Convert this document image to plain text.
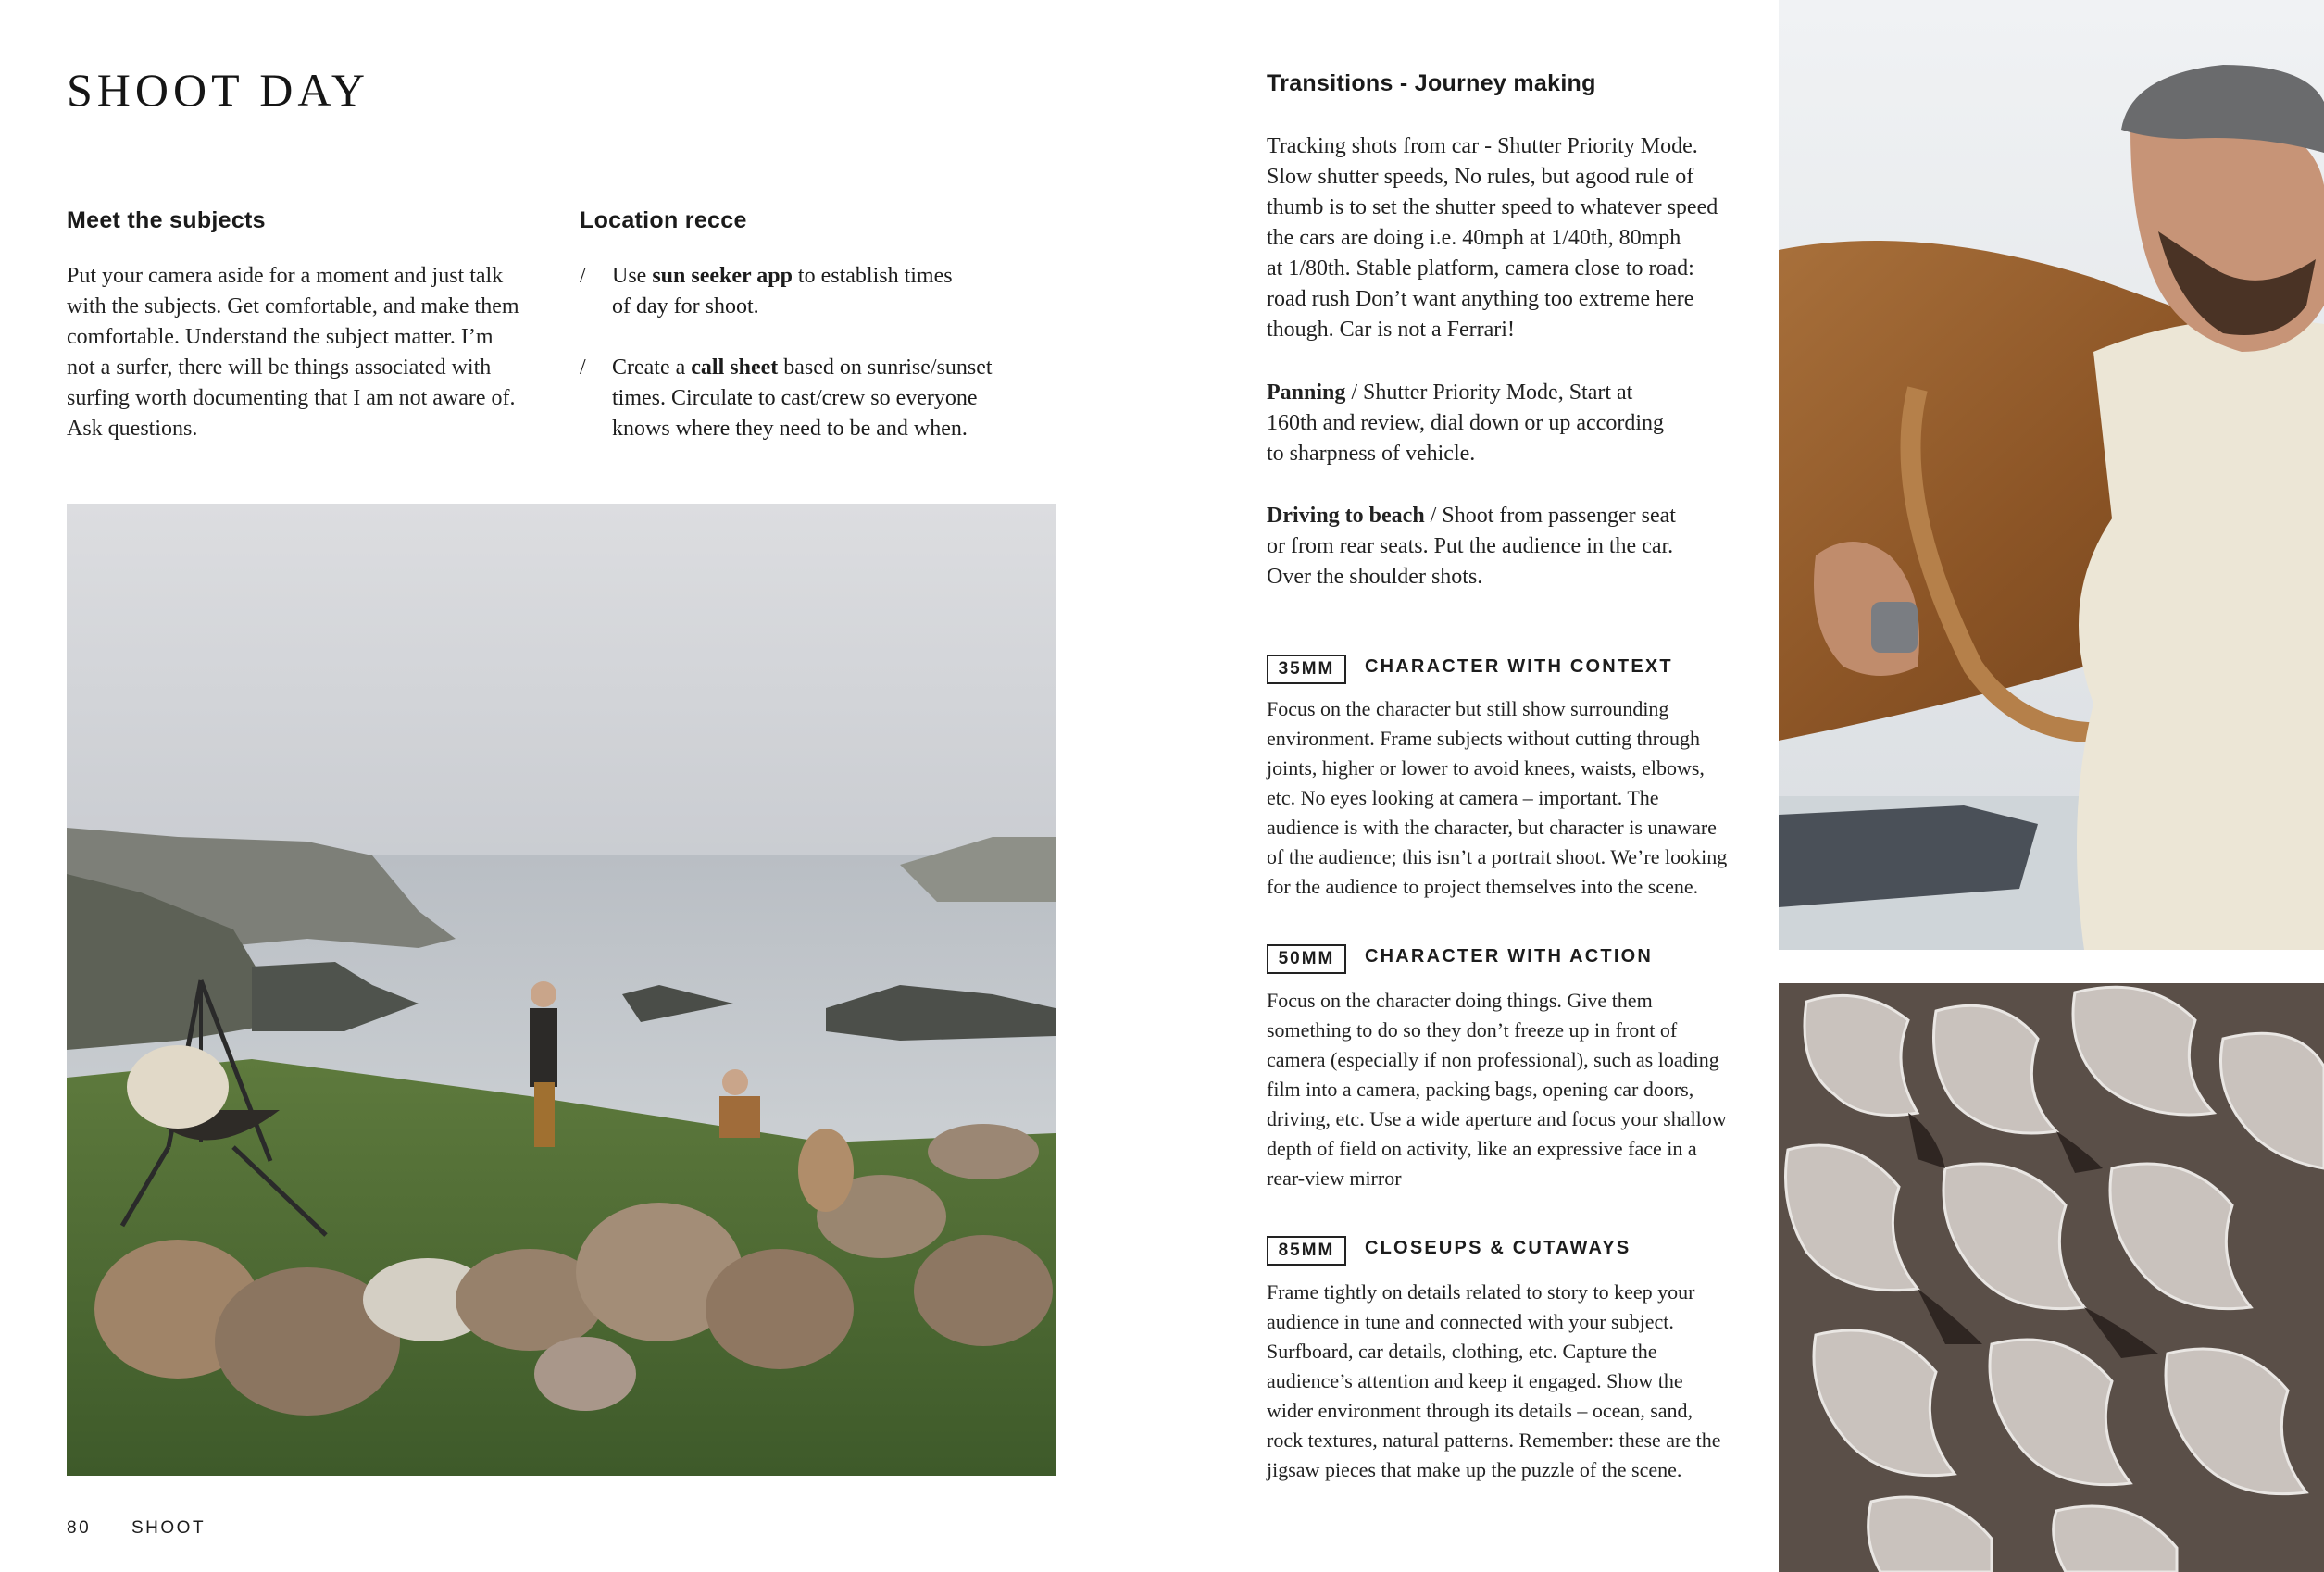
SHOOT DAY
Meet the subjects
Put your camera aside for a moment and just talk
with the subjects. Get comfortable, and make them
comfortable. Understand the subject matter. I’m
not a surfer, there will be things associated with
surfing worth documenting that I am not aware of.
Ask questions.
Location recce
/	Use sun seeker app to establish times
of day for shoot.
/	Create a call sheet based on sunrise/sunset
times. Circulate to cast/crew so everyone
knows where they need to be and when.
Transitions - Journey making
Tracking shots from car - Shutter Priority Mode.
Slow shutter speeds, No rules, but agood rule of
thumb is to set the shutter speed to whatever speed
the cars are doing i.e. 40mph at 1/40th, 80mph
at 1/80th. Stable platform, camera close to road:
road rush Don’t want anything too extreme here
though. Car is not a Ferrari!
Panning / Shutter Priority Mode, Start at
160th and review, dial down or up according
to sharpness of vehicle.
Driving to beach / Shoot from passenger seat
or from rear seats. Put the audience in the car.
Over the shoulder shots.
35MM	CHARACTER WITH CONTEXT
Focus on the character but still show surrounding
environment. Frame subjects without cutting through
joints, higher or lower to avoid knees, waists, elbows,
etc. No eyes looking at camera – important. The
audience is with the character, but character is unaware
of the audience; this isn’t a portrait shoot. We’re looking
for the audience to project themselves into the scene.
50MM	CHARACTER WITH ACTION
Focus on the character doing things. Give them
something to do so they don’t freeze up in front of
camera (especially if non professional), such as loading
film into a camera, packing bags, opening car doors,
driving, etc. Use a wide aperture and focus your shallow
depth of field on activity, like an expressive face in a
rear-view mirror
85MM	CLOSEUPS & CUTAWAYS
Frame tightly on details related to story to keep your
audience in tune and connected with your subject.
Surfboard, car details, clothing, etc. Capture the
audience’s attention and keep it engaged. Show the
wider environment through its details – ocean, sand,
rock textures, natural patterns. Remember: these are the
jigsaw pieces that make up the puzzle of the scene.
80 SHOOT
